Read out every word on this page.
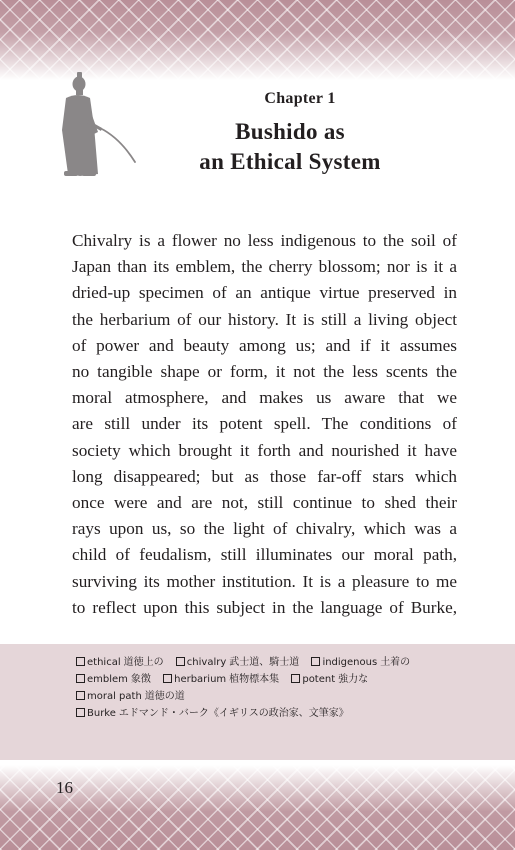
Chapter 1
Bushido as
an Ethical System
Chivalry is a flower no less indigenous to the soil of
Japan than its emblem, the cherry blossom; nor is it a
dried-up specimen of an antique virtue preserved in
the herbarium of our history. It is still a living object
of power and beauty among us; and if it assumes
no tangible shape or form, it not the less scents the
moral atmosphere, and makes us aware that we
are still under its potent spell. The conditions of
society which brought it forth and nourished it have
long disappeared; but as those far-off stars which
once were and are not, still continue to shed their
rays upon us, so the light of chivalry, which was a
child of feudalism, still illuminates our moral path,
surviving its mother institution. It is a pleasure to me
to reflect upon this subject in the language of Burke,
ethical 道徳上の chivalry 武士道、騎士道 indigenous 土着の emblem 象徴 herbarium 植物標本集 potent 強力な moral path 道徳の道 Burke エドマンド・バーク《イギリスの政治家、文筆家》

16
